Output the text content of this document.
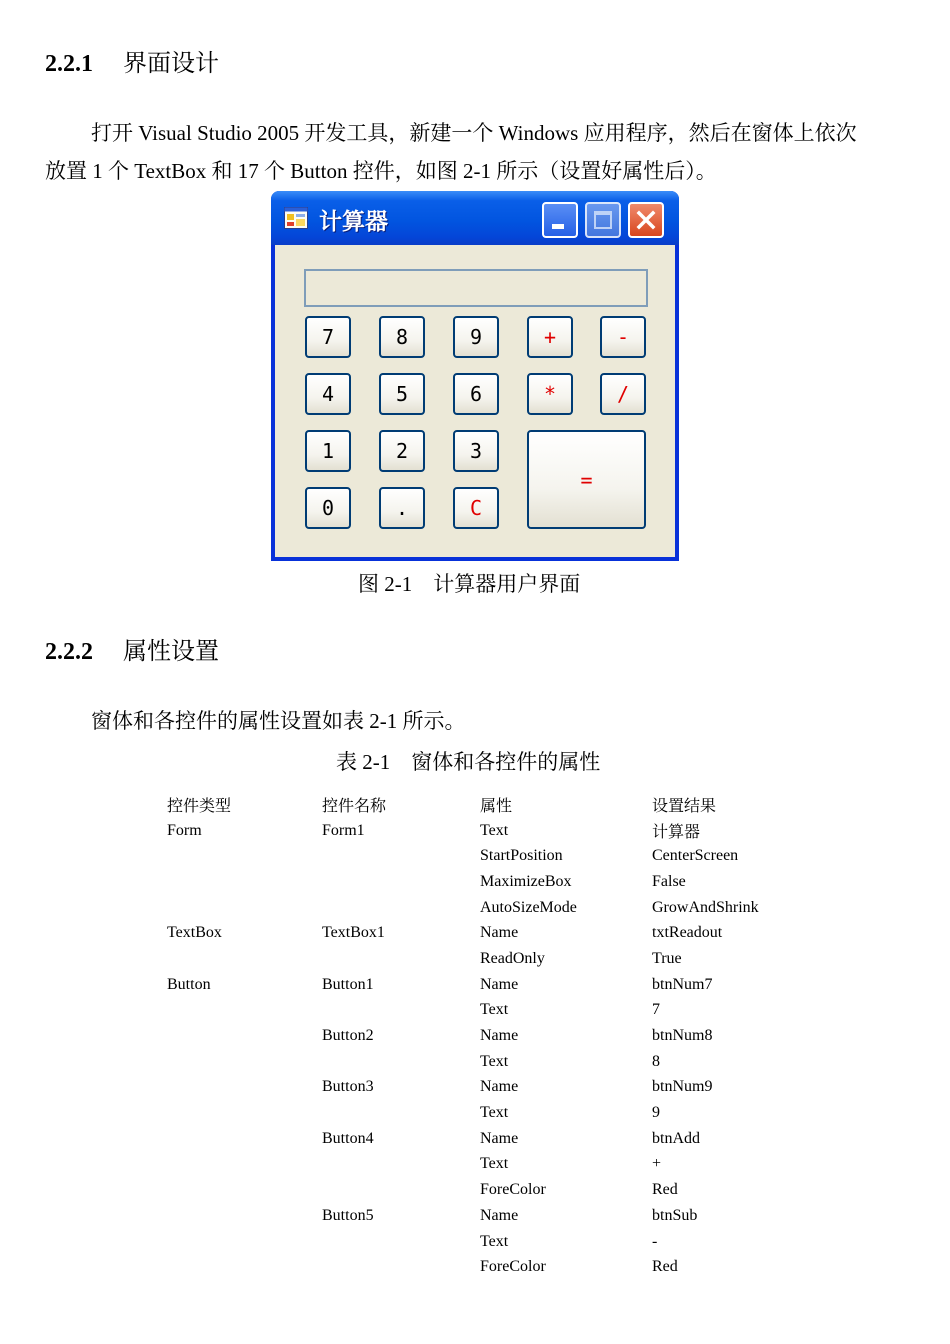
2.2.1 界面设计
打开 Visual Studio 2005 开发工具，新建一个 Windows 应用程序，然后在窗体上依次
放置 1 个 TextBox 和 17 个 Button 控件，如图 2-1 所示（设置好属性后）。
计算器
7	8	9	+	-
4	5	6	*	/
1	2	3
=
0	.	C
图 2-1　计算器用户界面
2.2.2 属性设置
窗体和各控件的属性设置如表 2-1 所示。
表 2-1　窗体和各控件的属性
控件类型	控件名称	属性	设置结果
Form	Form1	Text	计算器
		StartPosition	CenterScreen
		MaximizeBox	False
		AutoSizeMode	GrowAndShrink
TextBox	TextBox1	Name	txtReadout
		ReadOnly	True
Button	Button1	Name	btnNum7
		Text	7
	Button2	Name	btnNum8
		Text	8
	Button3	Name	btnNum9
		Text	9
	Button4	Name	btnAdd
		Text	+
		ForeColor	Red
	Button5	Name	btnSub
		Text	-
		ForeColor	Red
